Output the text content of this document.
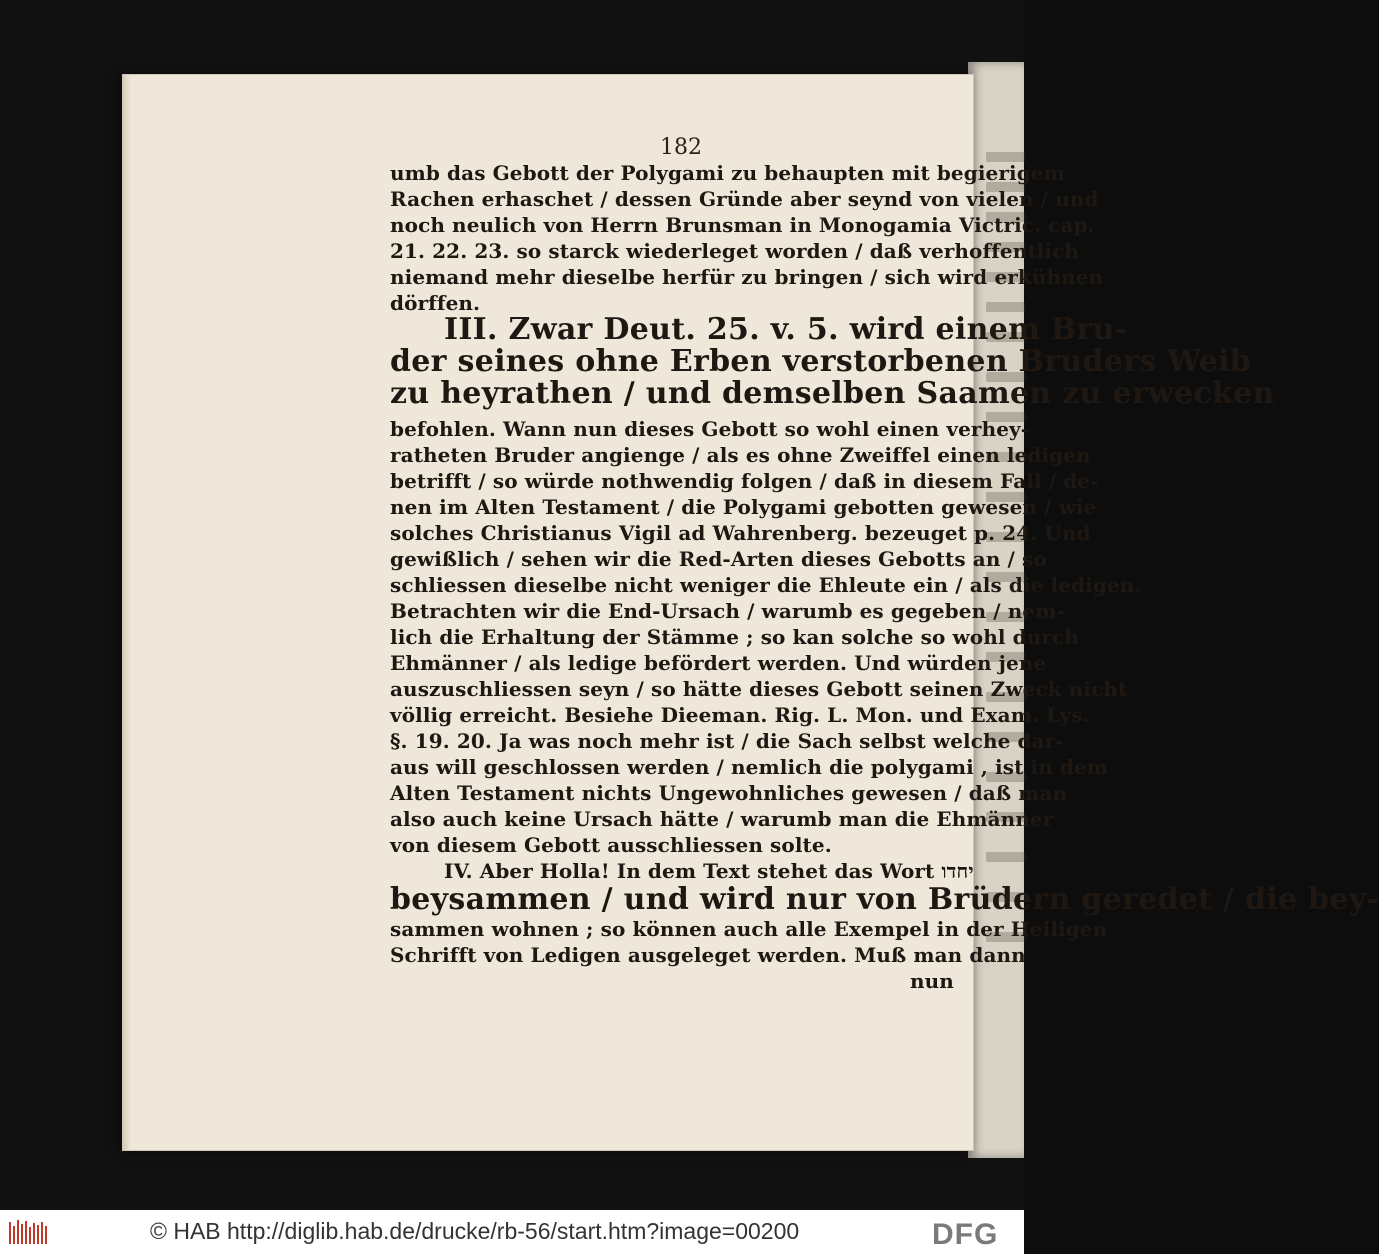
182
umb das Gebott der Polygami zu behaupten mit begierigem
Rachen erhaschet / dessen Gründe aber seynd von vielen / und
noch neulich von Herrn Brunsman in Monogamia Victric. cap.
21. 22. 23. so starck wiederleget worden / daß verhoffentlich
niemand mehr dieselbe herfür zu bringen / sich wird erkühnen
dörffen.
III. Zwar Deut. 25. v. 5. wird einem Bru-
der seines ohne Erben verstorbenen Bruders Weib
zu heyrathen / und demselben Saamen zu erwecken
befohlen. Wann nun dieses Gebott so wohl einen verhey-
ratheten Bruder angienge / als es ohne Zweiffel einen ledigen
betrifft / so würde nothwendig folgen / daß in diesem Fall / de-
nen im Alten Testament / die Polygami gebotten gewesen / wie
solches Christianus Vigil ad Wahrenberg. bezeuget p. 24. Und
gewißlich / sehen wir die Red-Arten dieses Gebotts an / so
schliessen dieselbe nicht weniger die Ehleute ein / als die ledigen.
Betrachten wir die End-Ursach / warumb es gegeben / nem-
lich die Erhaltung der Stämme ; so kan solche so wohl durch
Ehmänner / als ledige befördert werden. Und würden jene
auszuschliessen seyn / so hätte dieses Gebott seinen Zweck nicht
völlig erreicht. Besiehe Dieeman. Rig. L. Mon. und Exam. Lys.
§. 19. 20. Ja was noch mehr ist / die Sach selbst welche dar-
aus will geschlossen werden / nemlich die polygami , ist in dem
Alten Testament nichts Ungewohnliches gewesen / daß man
also auch keine Ursach hätte / warumb man die Ehmänner
von diesem Gebott ausschliessen solte.
IV. Aber Holla! In dem Text stehet das Wort יחדו
beysammen / und wird nur von Brüdern geredet / die bey-
sammen wohnen ; so können auch alle Exempel in der Heiligen
Schrifft von Ledigen ausgeleget werden. Muß man dann
nun
© HAB http://diglib.hab.de/drucke/rb-56/start.htm?image=00200	DFG
